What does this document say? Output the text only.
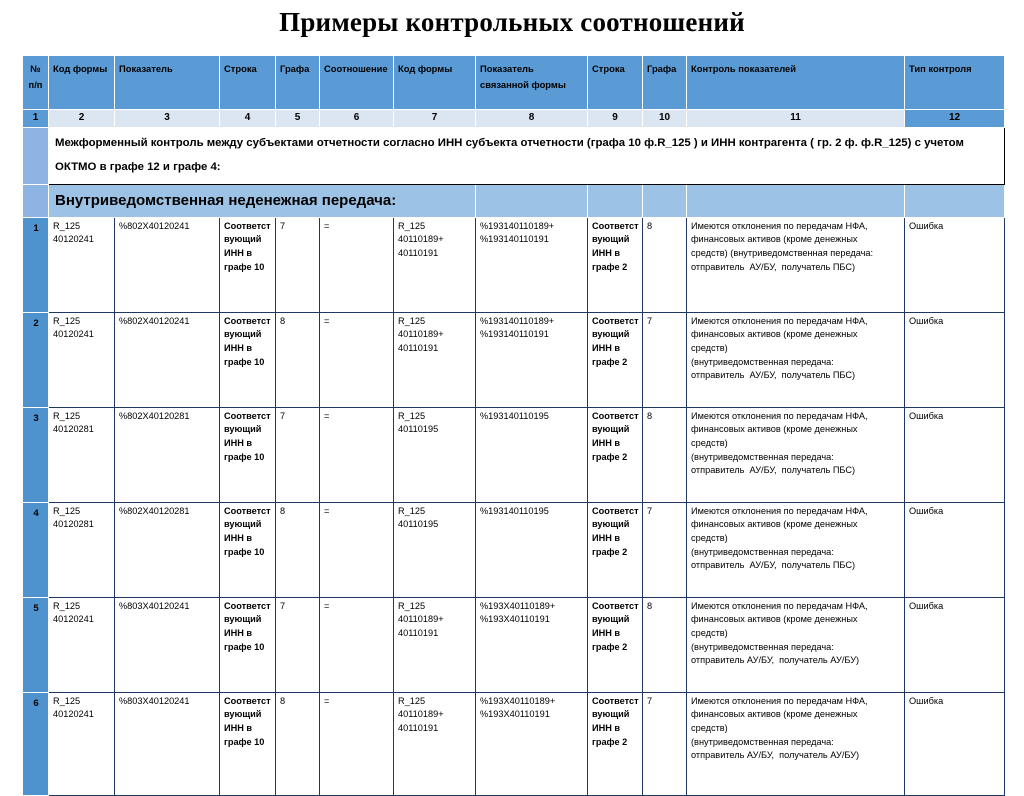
Примеры контрольных соотношений
№ п/п	Код формы	Показатель	Строка	Графа	Соотношение	Код формы	Показатель связанной формы	Строка	Графа	Контроль показателей	Тип контроля
1	2	3	4	5	6	7	8	9	10	11	12
	Межформенный контроль между субъектами отчетности согласно ИНН субъекта отчетности (графа 10 ф.R_125 ) и ИНН контрагента ( гр. 2 ф. ф.R_125) с учетом ОКТМО в графе 12 и графе 4:										
	Внутриведомственная неденежная передача:										
1	R_125
40120241	%802X40120241	Соответст
вующий
ИНН в
графе 10	7	=	R_125
40110189+
40110191	%193140110189+
%193140110191	Соответст
вующий
ИНН в
графе 2	8	Имеются отклонения по передачам НФА,
финансовых активов (кроме денежных
средств) (внутриведомственная передача:
отправитель  АУ/БУ,  получатель ПБС)	Ошибка

2	R_125
40120241	%802X40120241	Соответст
вующий
ИНН в
графе 10	8	=	R_125
40110189+
40110191	%193140110189+
%193140110191	Соответст
вующий
ИНН в
графе 2	7	Имеются отклонения по передачам НФА,
финансовых активов (кроме денежных
средств)
(внутриведомственная передача:
отправитель  АУ/БУ,  получатель ПБС)	Ошибка

3	R_125
40120281	%802X40120281	Соответст
вующий
ИНН в
графе 10	7	=	R_125
40110195	%193140110195	Соответст
вующий
ИНН в
графе 2	8	Имеются отклонения по передачам НФА,
финансовых активов (кроме денежных
средств)
(внутриведомственная передача:
отправитель  АУ/БУ,  получатель ПБС)	Ошибка

4	R_125
40120281	%802X40120281	Соответст
вующий
ИНН в
графе 10	8	=	R_125
40110195	%193140110195	Соответст
вующий
ИНН в
графе 2	7	Имеются отклонения по передачам НФА,
финансовых активов (кроме денежных
средств)
(внутриведомственная передача:
отправитель  АУ/БУ,  получатель ПБС)	Ошибка

5	R_125
40120241	%803X40120241	Соответст
вующий
ИНН в
графе 10	7	=	R_125
40110189+
40110191	%193X40110189+
%193X40110191	Соответст
вующий
ИНН в
графе 2	8	Имеются отклонения по передачам НФА,
финансовых активов (кроме денежных
средств)
(внутриведомственная передача:
отправитель АУ/БУ,  получатель АУ/БУ)	Ошибка

6	R_125
40120241	%803X40120241	Соответст
вующий
ИНН в
графе 10	8	=	R_125
40110189+
40110191	%193X40110189+
%193X40110191	Соответст
вующий
ИНН в
графе 2	7	Имеются отклонения по передачам НФА,
финансовых активов (кроме денежных
средств)
(внутриведомственная передача:
отправитель АУ/БУ,  получатель АУ/БУ)	Ошибка
